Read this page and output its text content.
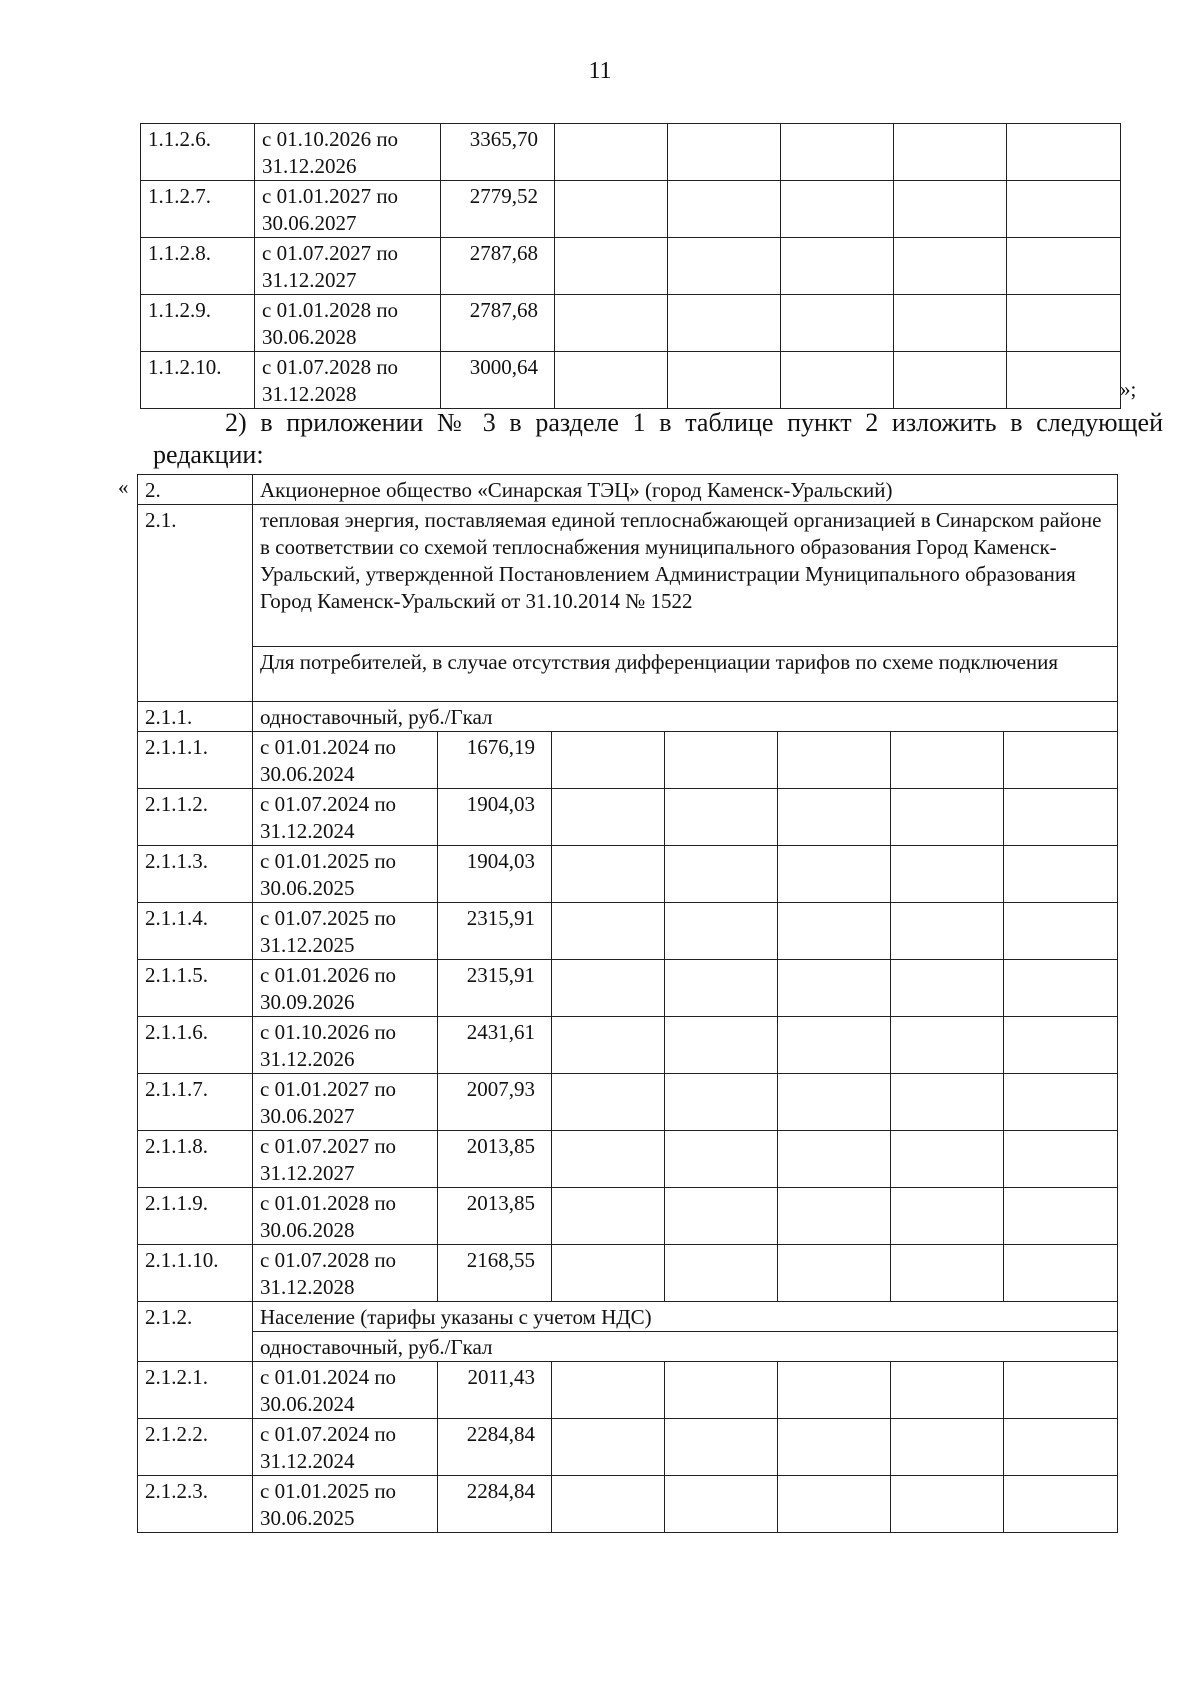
11
1.1.2.6.	с 01.10.2026 по 31.12.2026	3365,70					
1.1.2.7.	с 01.01.2027 по 30.06.2027	2779,52					
1.1.2.8.	с 01.07.2027 по 31.12.2027	2787,68					
1.1.2.9.	с 01.01.2028 по 30.06.2028	2787,68					
1.1.2.10.	с 01.07.2028 по 31.12.2028	3000,64					
»;
2) в приложении № 3 в разделе 1 в таблице пункт 2 изложить в следующей редакции:
« 2.	Акционерное общество «Синарская ТЭЦ» (город Каменск-Уральский)						
2.1.	тепловая энергия, поставляемая единой теплоснабжающей организацией в Синарском районе в соответствии со схемой теплоснабжения муниципального образования Город Каменск-Уральский, утвержденной Постановлением Администрации Муниципального образования Город Каменск-Уральский от 31.10.2014 № 1522						
	Для потребителей, в случае отсутствия дифференциации тарифов по схеме подключения						
2.1.1.	одноставочный, руб./Гкал						
2.1.1.1.	с 01.01.2024 по 30.06.2024	1676,19					
2.1.1.2.	с 01.07.2024 по 31.12.2024	1904,03					
2.1.1.3.	с 01.01.2025 по 30.06.2025	1904,03					
2.1.1.4.	с 01.07.2025 по 31.12.2025	2315,91					
2.1.1.5.	с 01.01.2026 по 30.09.2026	2315,91					
2.1.1.6.	с 01.10.2026 по 31.12.2026	2431,61					
2.1.1.7.	с 01.01.2027 по 30.06.2027	2007,93					
2.1.1.8.	с 01.07.2027 по 31.12.2027	2013,85					
2.1.1.9.	с 01.01.2028 по 30.06.2028	2013,85					
2.1.1.10.	с 01.07.2028 по 31.12.2028	2168,55					
2.1.2.	Население (тарифы указаны с учетом НДС)						
	одноставочный, руб./Гкал						
2.1.2.1.	с 01.01.2024 по 30.06.2024	2011,43					
2.1.2.2.	с 01.07.2024 по 31.12.2024	2284,84					
2.1.2.3.	с 01.01.2025 по 30.06.2025	2284,84					
